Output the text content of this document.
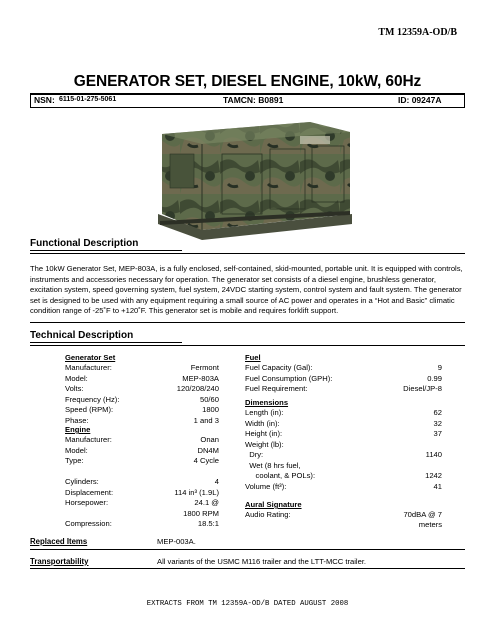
TM 12359A-OD/B
GENERATOR SET, DIESEL ENGINE, 10kW, 60Hz
NSN: 6115-01-275-5061	TAMCN: B0891	ID: 09247A
Functional Description
The 10kW Generator Set, MEP-803A, is a fully enclosed, self-contained, skid-mounted, portable unit. It is equipped with controls, instruments and accessories necessary for operation. The generator set consists of a diesel engine, brushless generator, excitation system, speed governing system, fuel system, 24VDC starting system, control system and fault system. The generator set is designed to be used with any equipment requiring a small source of AC power and operates in a “Hot and Basic” climatic condition range of -25˚F to +120˚F. This generator set is mobile and requires forklift support.
Technical Description
Generator Set
Manufacturer:	Fermont
Model:	MEP-803A
Volts:	120/208/240
Frequency (Hz):	50/60
Speed (RPM):	1800
Phase:	1 and 3
Engine
Manufacturer:	Onan
Model:	DN4M
Type:	4 Cycle
Cylinders:	4
Displacement:	114 in³ (1.9L)
Horsepower:	24.1 @
1800 RPM
Compression:	18.5:1
Fuel
Fuel Capacity (Gal):	9
Fuel Consumption (GPH):	0.99
Fuel Requirement:	Diesel/JP-8
Dimensions
Length (in):	62
Width (in):	32
Height (in):	37
Weight (lb):
Dry:	1140
Wet (8 hrs fuel,
coolant, & POLs):	1242
Volume (ft³):	41
Aural Signature
Audio Rating:	70dBA @ 7
meters
Replaced Items	MEP-003A.
Transportability	All variants of the USMC M116 trailer and the LTT-MCC trailer.
EXTRACTS FROM TM 12359A-OD/B DATED AUGUST 2008
